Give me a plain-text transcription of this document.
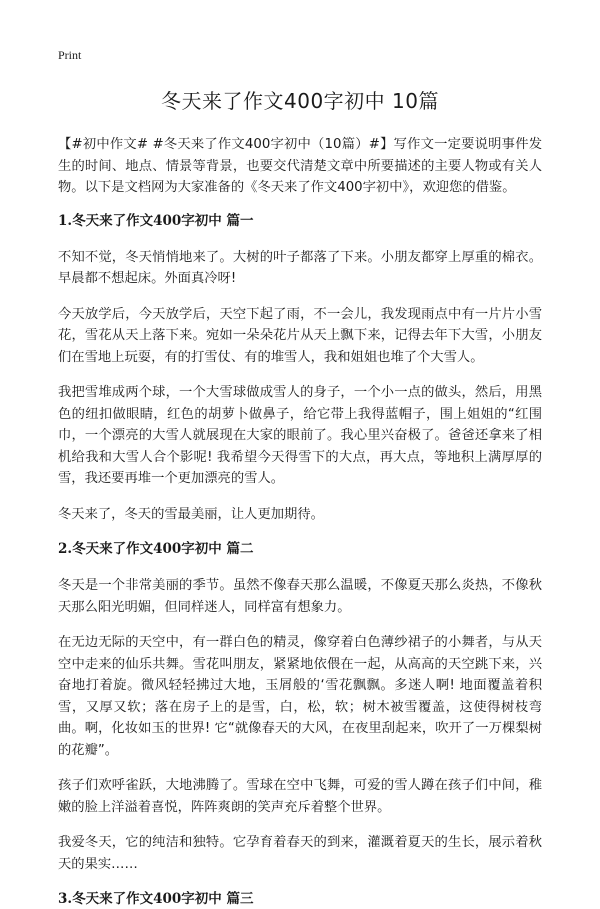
Print
冬天来了作文400字初中 10篇

【#初中作文# #冬天来了作文400字初中（10篇）#】写作文一定要说明事件发生的时间、地点、情景等背景，也要交代清楚文章中所要描述的主要人物或有关人物。以下是文档网为大家准备的《冬天来了作文400字初中》，欢迎您的借鉴。

1.冬天来了作文400字初中 篇一

不知不觉，冬天悄悄地来了。大树的叶子都落了下来。小朋友都穿上厚重的棉衣。早晨都不想起床。外面真冷呀!

今天放学后，今天放学后，天空下起了雨，不一会儿，我发现雨点中有一片片小雪花，雪花从天上落下来。宛如一朵朵花片从天上飘下来，记得去年下大雪，小朋友们在雪地上玩耍，有的打雪仗、有的堆雪人，我和姐姐也堆了个大雪人。

我把雪堆成两个球，一个大雪球做成雪人的身子，一个小一点的做头，然后，用黑色的纽扣做眼睛，红色的胡萝卜做鼻子，给它带上我得蓝帽子，围上姐姐的“红围巾，一个漂亮的大雪人就展现在大家的眼前了。我心里兴奋极了。爸爸还拿来了相机给我和大雪人合个影呢! 我希望今天得雪下的大点，再大点，等地积上满厚厚的雪，我还要再堆一个更加漂亮的雪人。

冬天来了，冬天的雪最美丽，让人更加期待。

2.冬天来了作文400字初中 篇二

冬天是一个非常美丽的季节。虽然不像春天那么温暖，不像夏天那么炎热，不像秋天那么阳光明媚，但同样迷人，同样富有想象力。

在无边无际的天空中，有一群白色的精灵，像穿着白色薄纱裙子的小舞者，与从天空中走来的仙乐共舞。雪花叫朋友，紧紧地依偎在一起，从高高的天空跳下来，兴奋地打着旋。微风轻轻拂过大地，玉屑般的‘雪花飘飘。多迷人啊! 地面覆盖着积雪，又厚又软；落在房子上的是雪，白，松，软；树木被雪覆盖，这使得树枝弯曲。啊，化妆如玉的世界! 它“就像春天的大风，在夜里刮起来，吹开了一万棵梨树的花瓣”。

孩子们欢呼雀跃，大地沸腾了。雪球在空中飞舞，可爱的雪人蹲在孩子们中间，稚嫩的脸上洋溢着喜悦，阵阵爽朗的笑声充斥着整个世界。

我爱冬天，它的纯洁和独特。它孕育着春天的到来，灌溉着夏天的生长，展示着秋天的果实……

3.冬天来了作文400字初中 篇三
